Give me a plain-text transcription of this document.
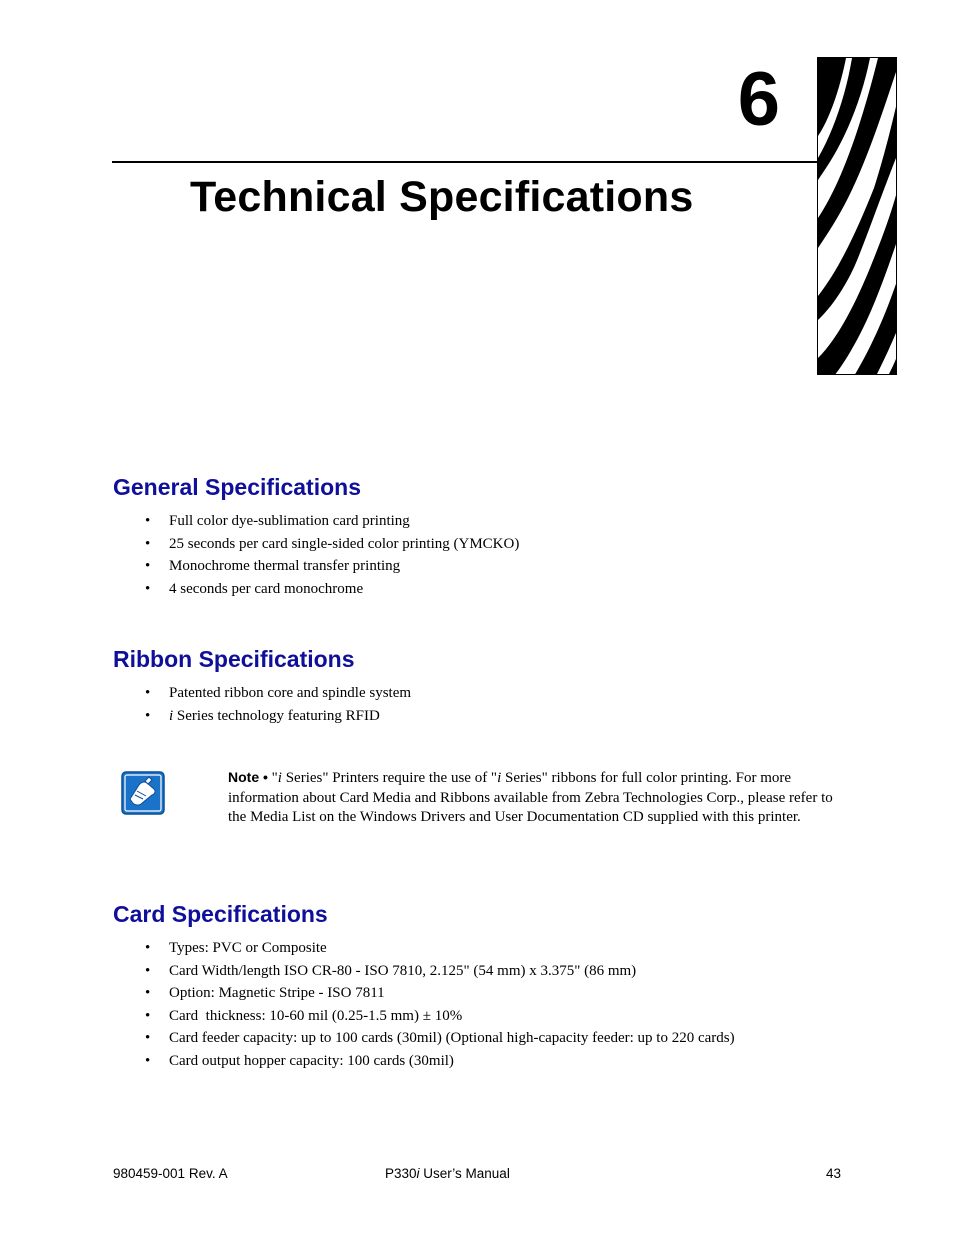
6
Technical Specifications
General Specifications
• Full color dye-sublimation card printing
• 25 seconds per card single-sided color printing (YMCKO)
• Monochrome thermal transfer printing
• 4 seconds per card monochrome
Ribbon Specifications
• Patented ribbon core and spindle system
• i Series technology featuring RFID

Note • "i Series" Printers require the use of "i Series" ribbons for full color printing. For more information about Card Media and Ribbons available from Zebra Technologies Corp., please refer to the Media List on the Windows Drivers and User Documentation CD supplied with this printer.

Card Specifications
• Types: PVC or Composite
• Card Width/length ISO CR-80 - ISO 7810, 2.125" (54 mm) x 3.375" (86 mm)
• Option: Magnetic Stripe - ISO 7811
• Card  thickness: 10-60 mil (0.25-1.5 mm) ± 10%
• Card feeder capacity: up to 100 cards (30mil) (Optional high-capacity feeder: up to 220 cards)
• Card output hopper capacity: 100 cards (30mil)
980459-001 Rev. A	P330i User’s Manual	43
